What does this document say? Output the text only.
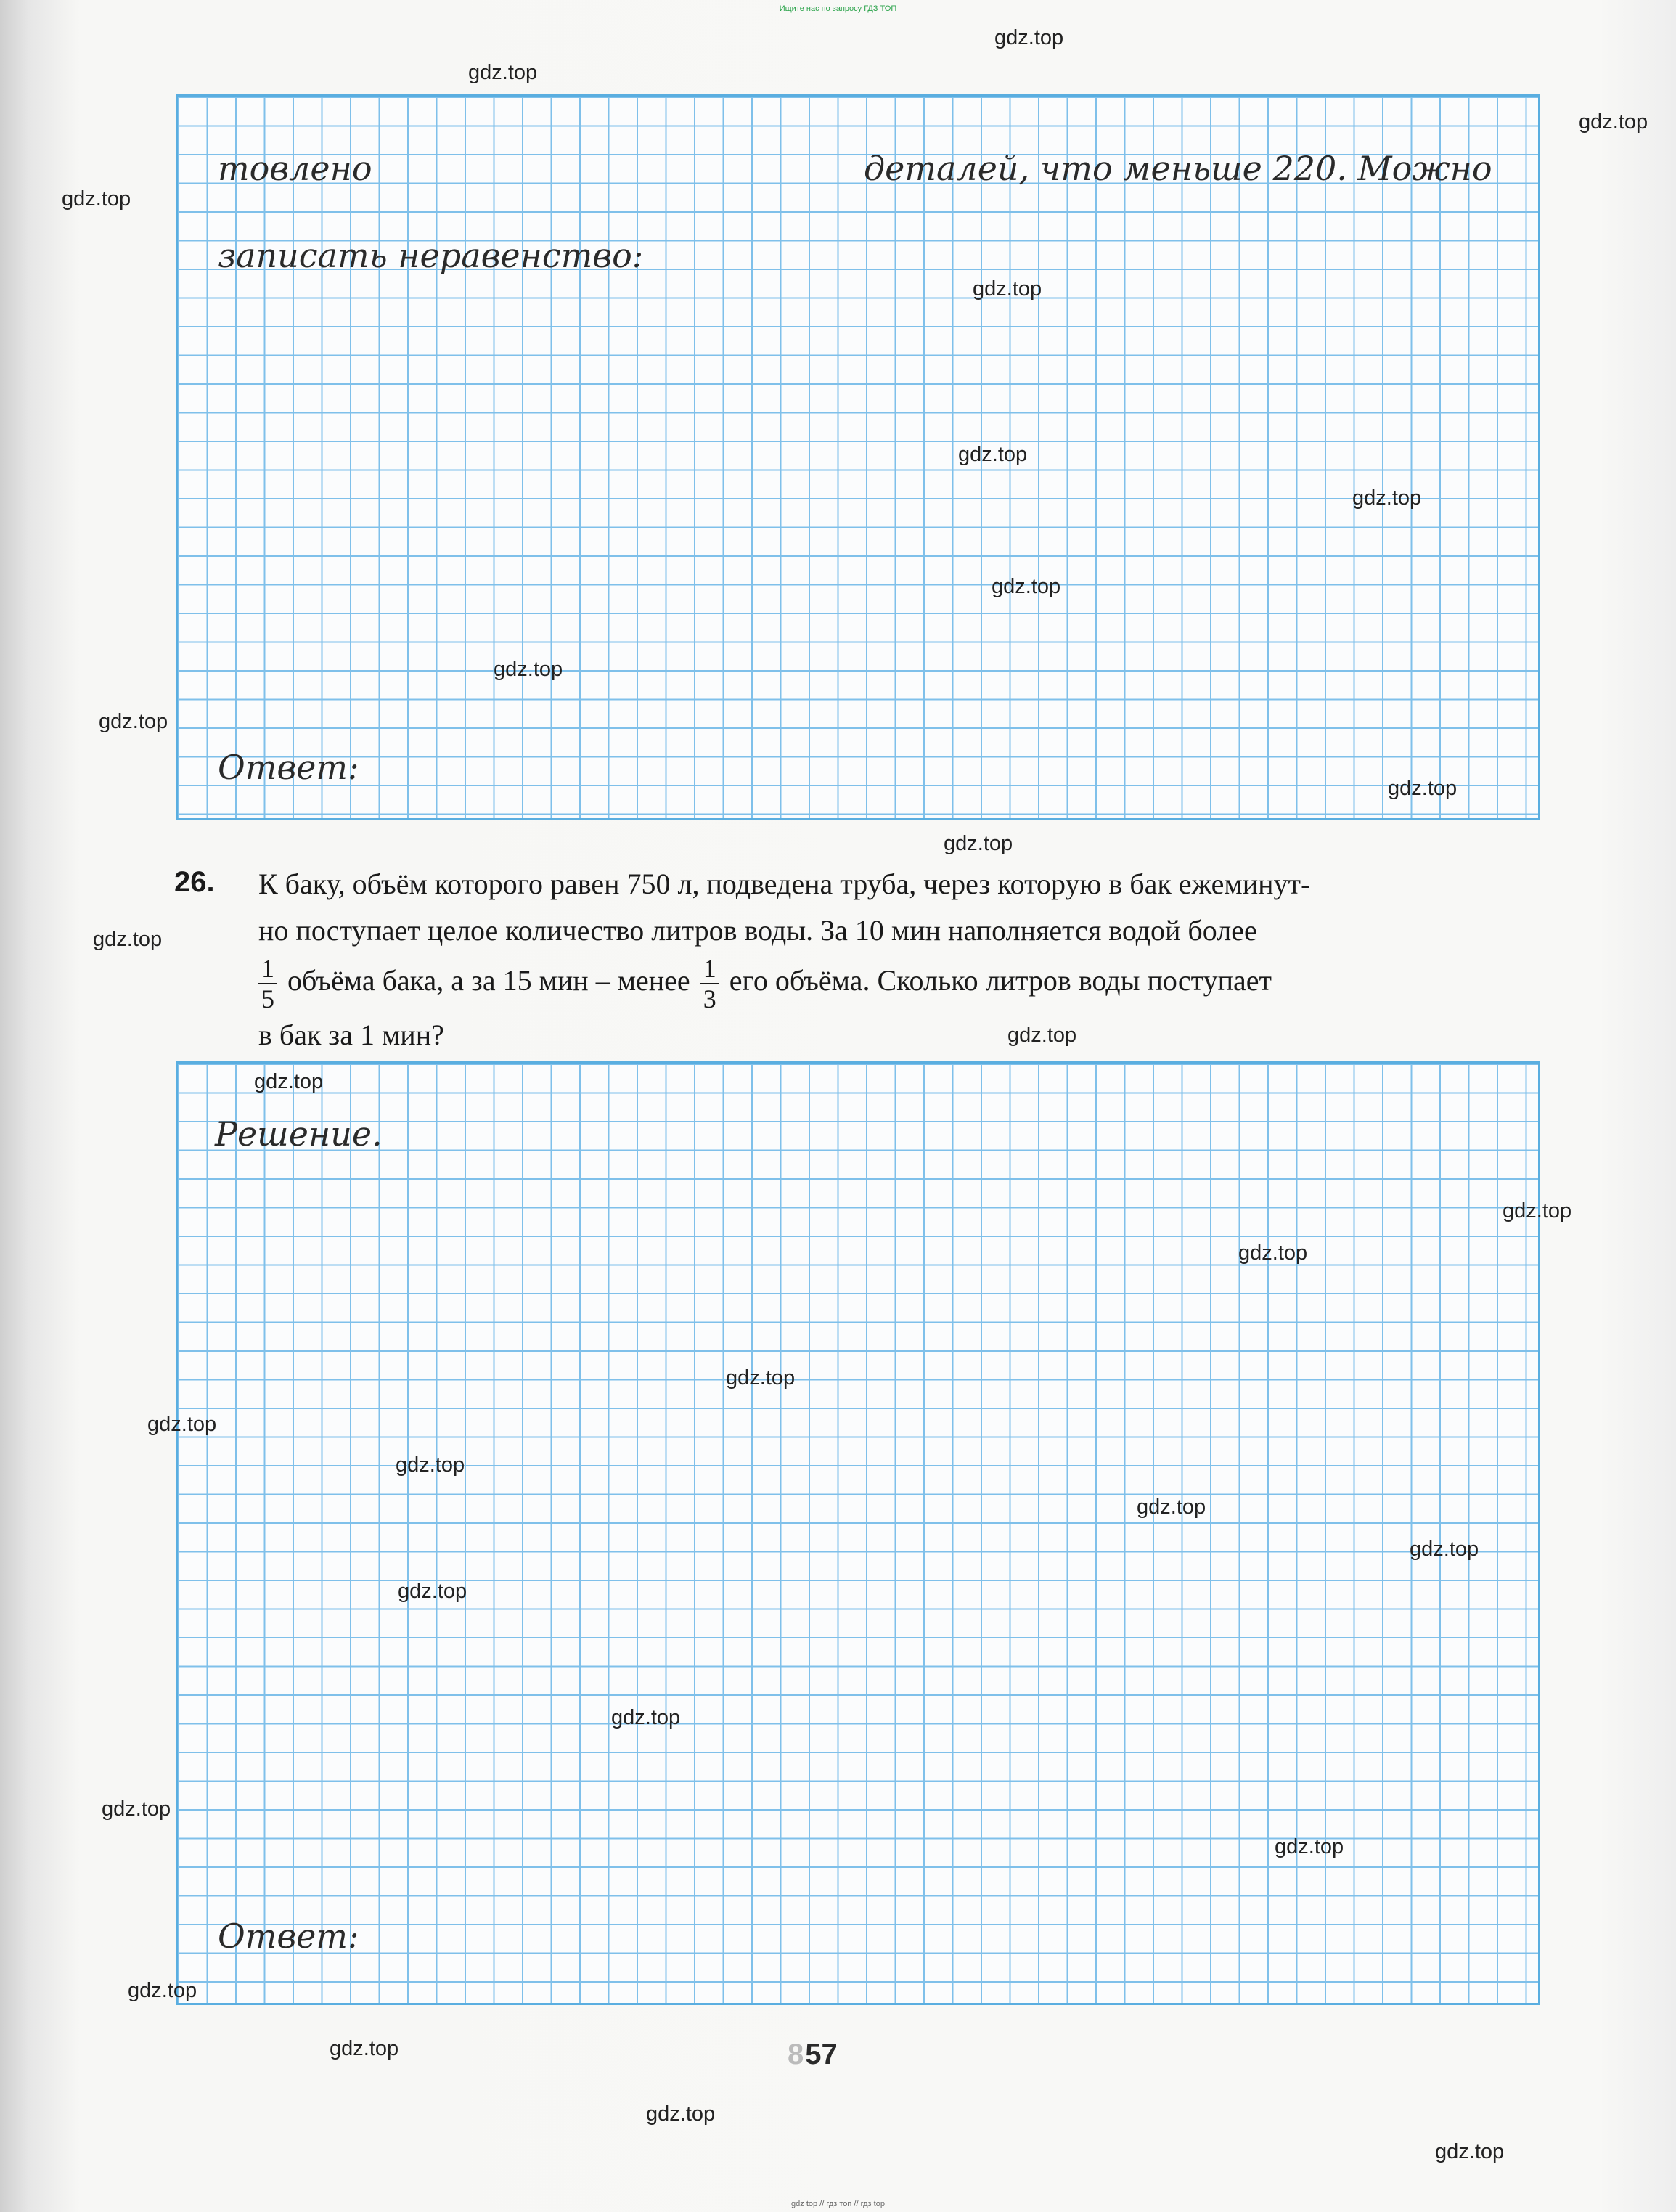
Ищите нас по запросу ГДЗ ТОП
товлено	деталей, что меньше 220. Можно
записать неравенство:
Ответ:
26. К баку, объём которого равен 750 л, подведена труба, через которую в бак ежеминут-
но поступает целое количество литров воды. За 10 мин наполняется водой более
$\frac{1}{5}$ объёма бака, а за 15 мин – менее $\frac{1}{3}$ его объёма. Сколько литров воды поступает
в бак за 1 мин?
Решение.
Ответ:
857
gdz.top
gdz.top
gdz.top
gdz.top
gdz.top
gdz.top
gdz.top
gdz.top
gdz.top
gdz.top
gdz.top
gdz.top
gdz.top
gdz.top
gdz.top
gdz.top
gdz.top
gdz.top
gdz.top
gdz.top
gdz.top
gdz.top
gdz.top
gdz.top
gdz.top
gdz.top
gdz.top
gdz.top
gdz.top
gdz.top
gdz top // гдз топ // гдз top
